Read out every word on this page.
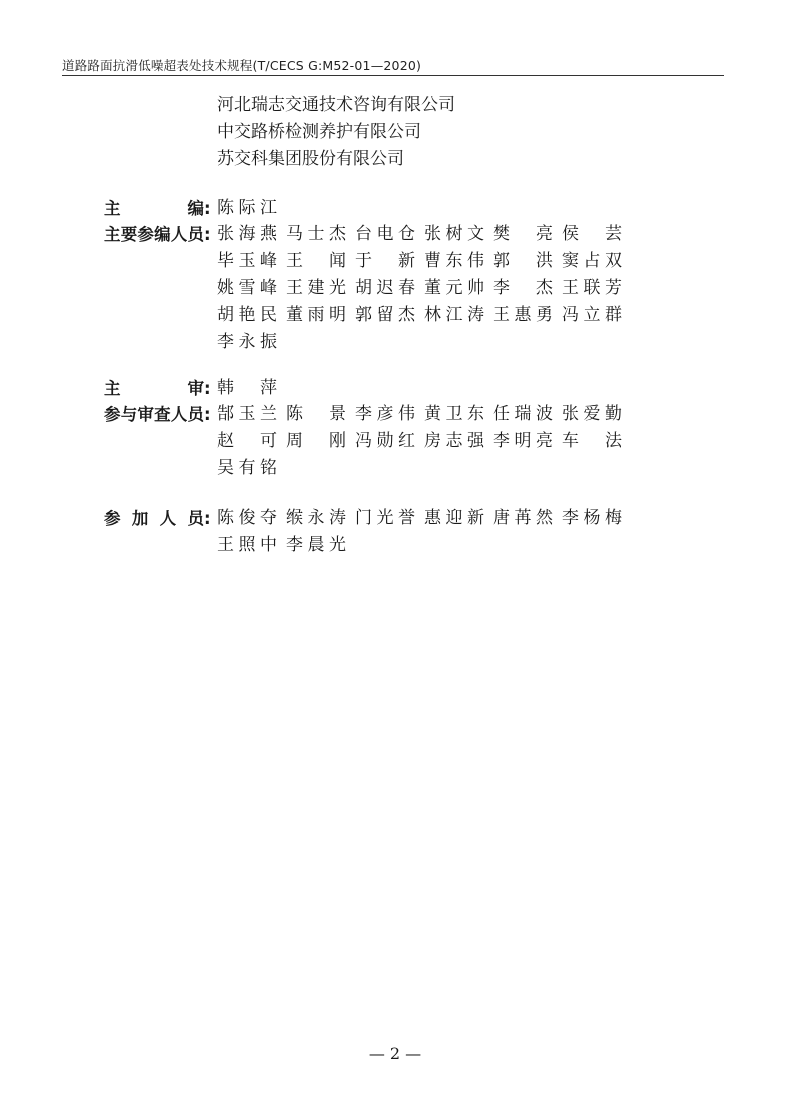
道路路面抗滑低噪超表处技术规程(T/CECS G:M52-01—2020)
河北瑞志交通技术咨询有限公司
中交路桥检测养护有限公司
苏交科集团股份有限公司
主	编 : 陈 际 江
主 要 参 编 人 员 : 张 海 燕 马 士 杰 台 电 仓 张 树 文 樊 亮 侯 芸
毕 玉 峰 王 闻 于 新 曹 东 伟 郭 洪 窦 占 双
姚 雪 峰 王 建 光 胡 迟 春 董 元 帅 李 杰 王 联 芳
胡 艳 民 董 雨 明 郭 留 杰 林 江 涛 王 惠 勇 冯 立 群
李 永 振
主	审 : 韩 萍
参 与 审 查 人 员 : 郜 玉 兰 陈 景 李 彦 伟 黄 卫 东 任 瑞 波 张 爱 勤
赵 可 周 刚 冯 勋 红 房 志 强 李 明 亮 车 法
吴 有 铭
参 加 人 员 : 陈 俊 夺 缑 永 涛 门 光 誉 惠 迎 新 唐 苒 然 李 杨 梅
王 照 中 李 晨 光
— 2 —
